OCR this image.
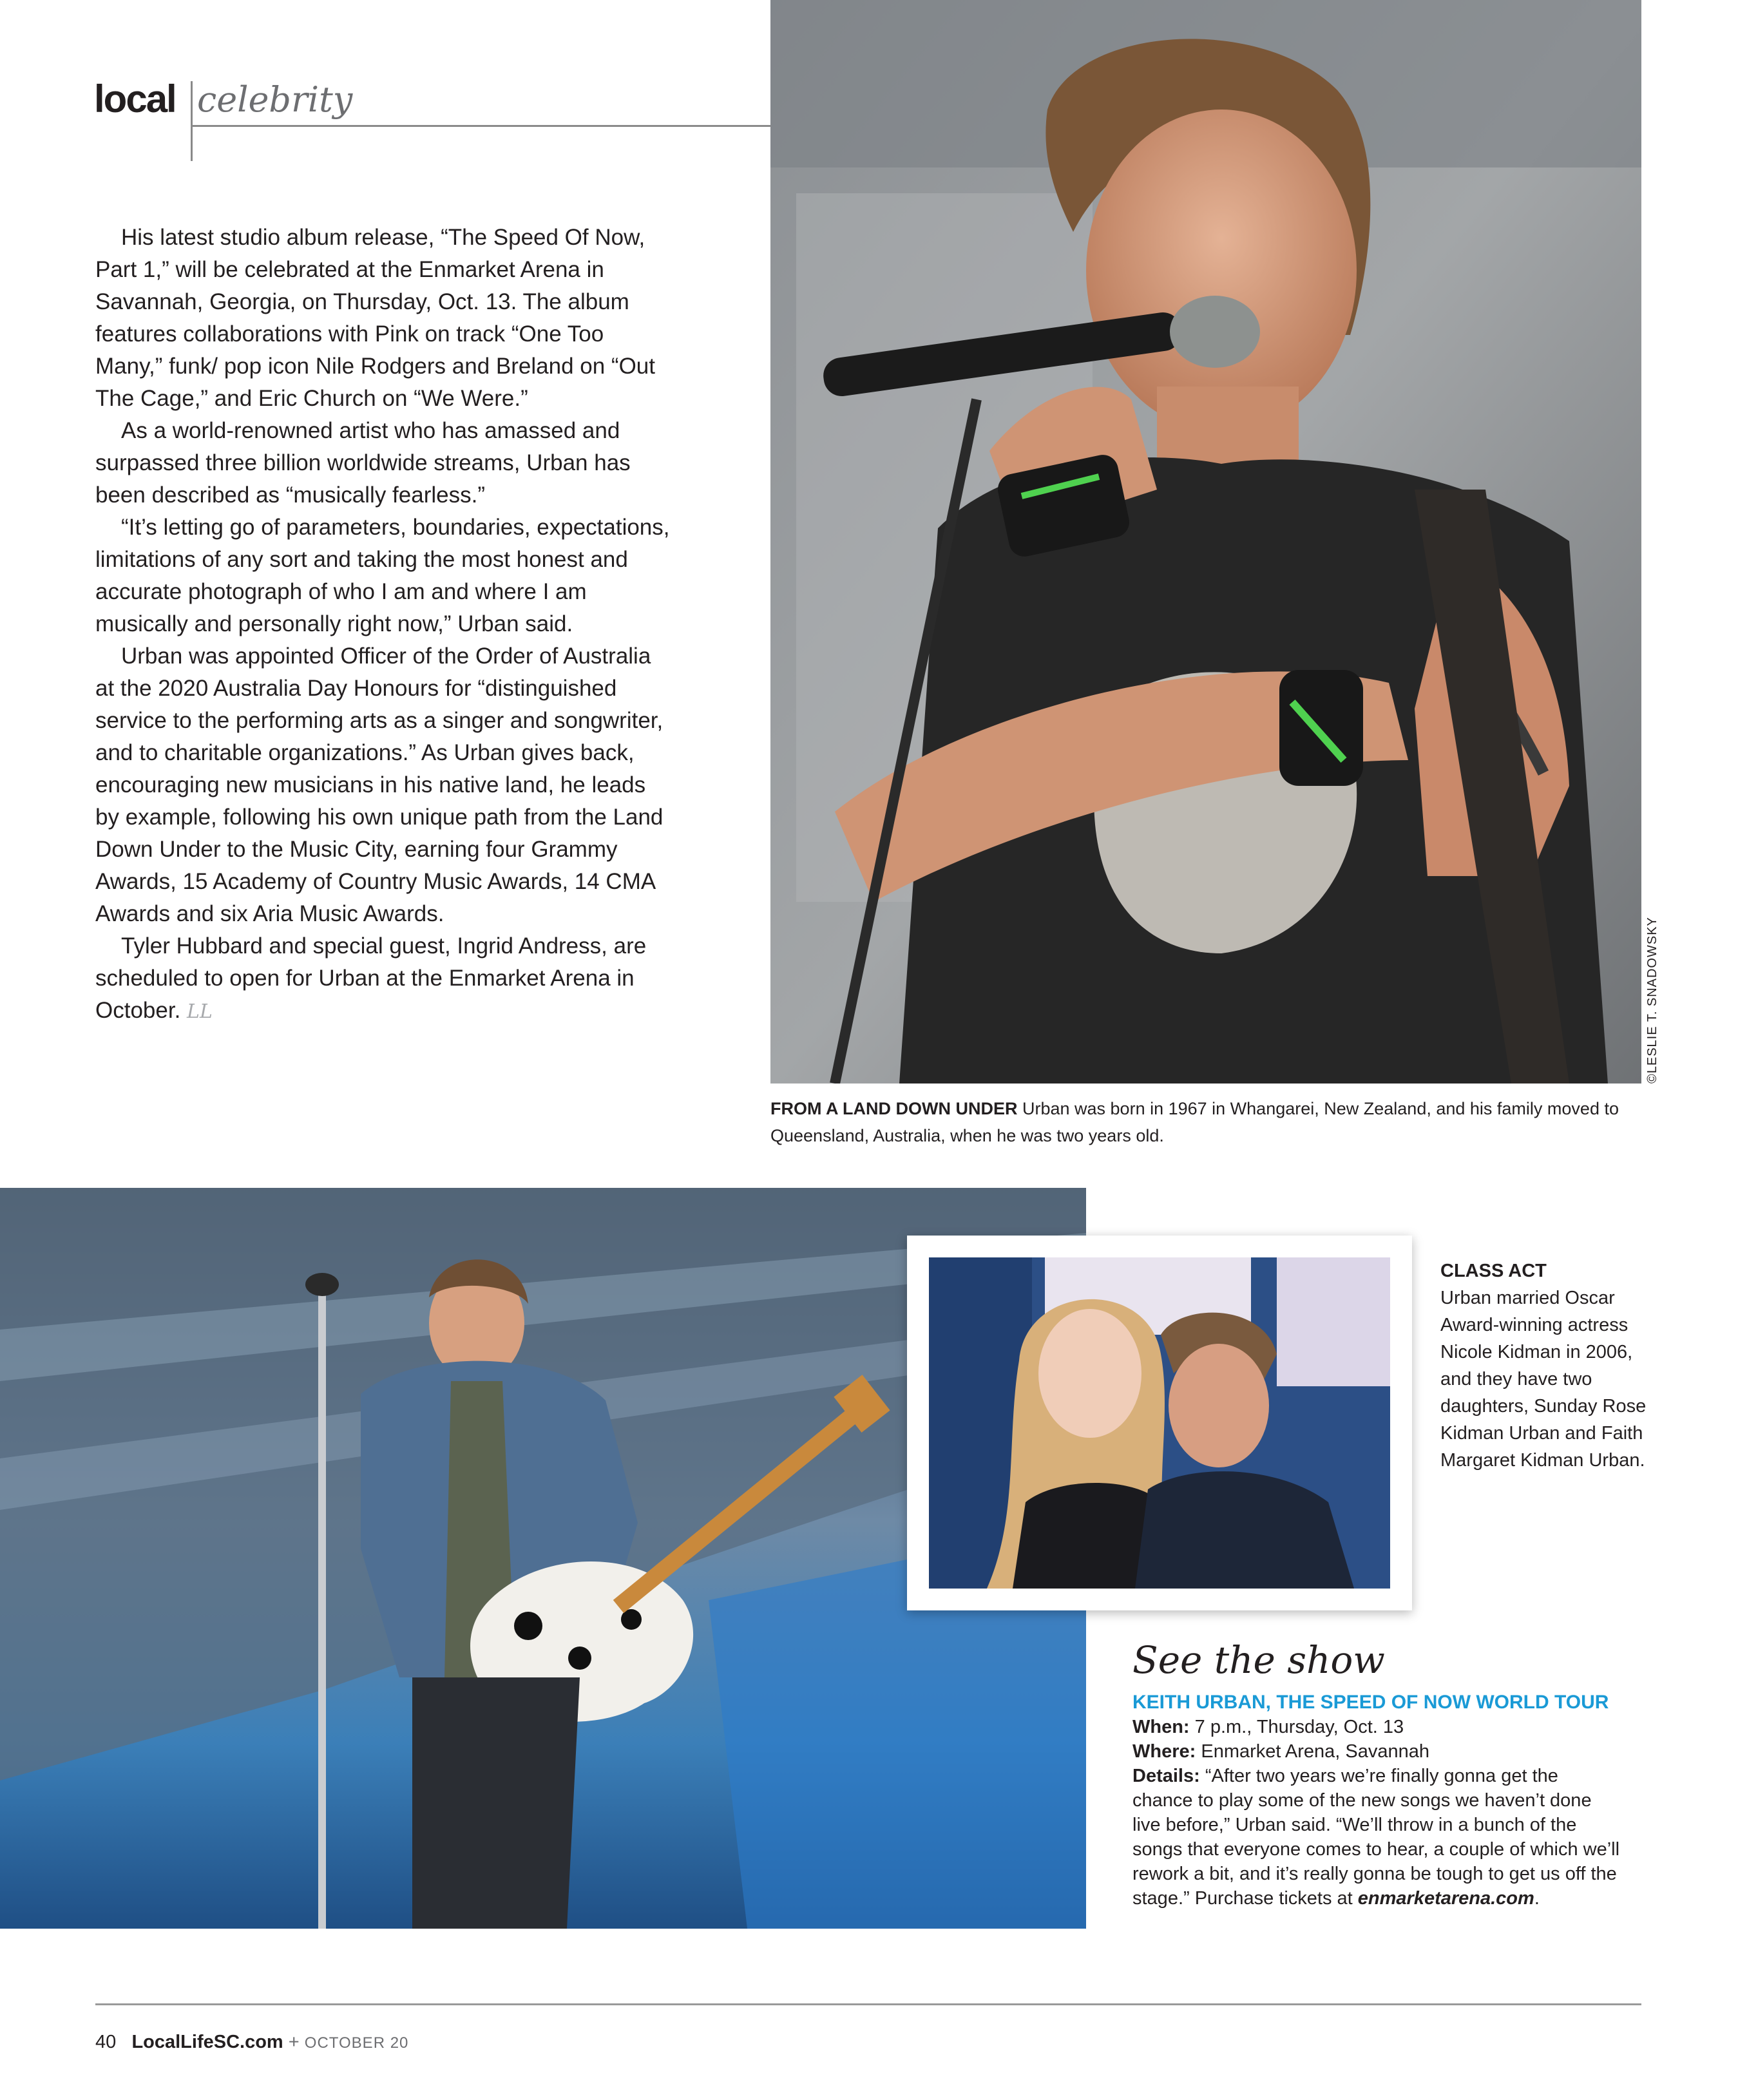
local celebrity

His latest studio album release, “The Speed Of Now, Part 1,” will be celebrated at the Enmarket Arena in Savannah, Georgia, on Thursday, Oct. 13. The album features collaborations with Pink on track “One Too Many,” funk/ pop icon Nile Rodgers and Breland on “Out The Cage,” and Eric Church on “We Were.”

As a world-renowned artist who has amassed and surpassed three billion worldwide streams, Urban has been described as “musically fearless.”

“It’s letting go of parameters, boundaries, expectations, limitations of any sort and taking the most honest and accurate photograph of who I am and where I am musically and personally right now,” Urban said.

Urban was appointed Officer of the Order of Australia at the 2020 Australia Day Honours for “distinguished service to the performing arts as a singer and songwriter, and to charitable organizations.” As Urban gives back, encouraging new musicians in his native land, he leads by example, following his own unique path from the Land Down Under to the Music City, earning four Grammy Awards, 15 Academy of Country Music Awards, 14 CMA Awards and six Aria Music Awards.

Tyler Hubbard and special guest, Ingrid Andress, are scheduled to open for Urban at the Enmarket Arena in October. LL	©LESLIE T. SNADOWSKY
FROM A LAND DOWN UNDER Urban was born in 1967 in Whangarei, New Zealand, and his family moved to Queensland, Australia, when he was two years old.
CLASS ACT
Urban married Oscar Award-winning actress Nicole Kidman in 2006, and they have two daughters, Sunday Rose Kidman Urban and Faith Margaret Kidman Urban.
See the show
KEITH URBAN, THE SPEED OF NOW WORLD TOUR
When: 7 p.m., Thursday, Oct. 13
Where: Enmarket Arena, Savannah
Details: “After two years we’re finally gonna get the chance to play some of the new songs we haven’t done live before,” Urban said. “We’ll throw in a bunch of the songs that everyone comes to hear, a couple of which we’ll rework a bit, and it’s really gonna be tough to get us off the stage.” Purchase tickets at enmarketarena.com.
40 LocalLifeSC.com + OCTOBER 20
